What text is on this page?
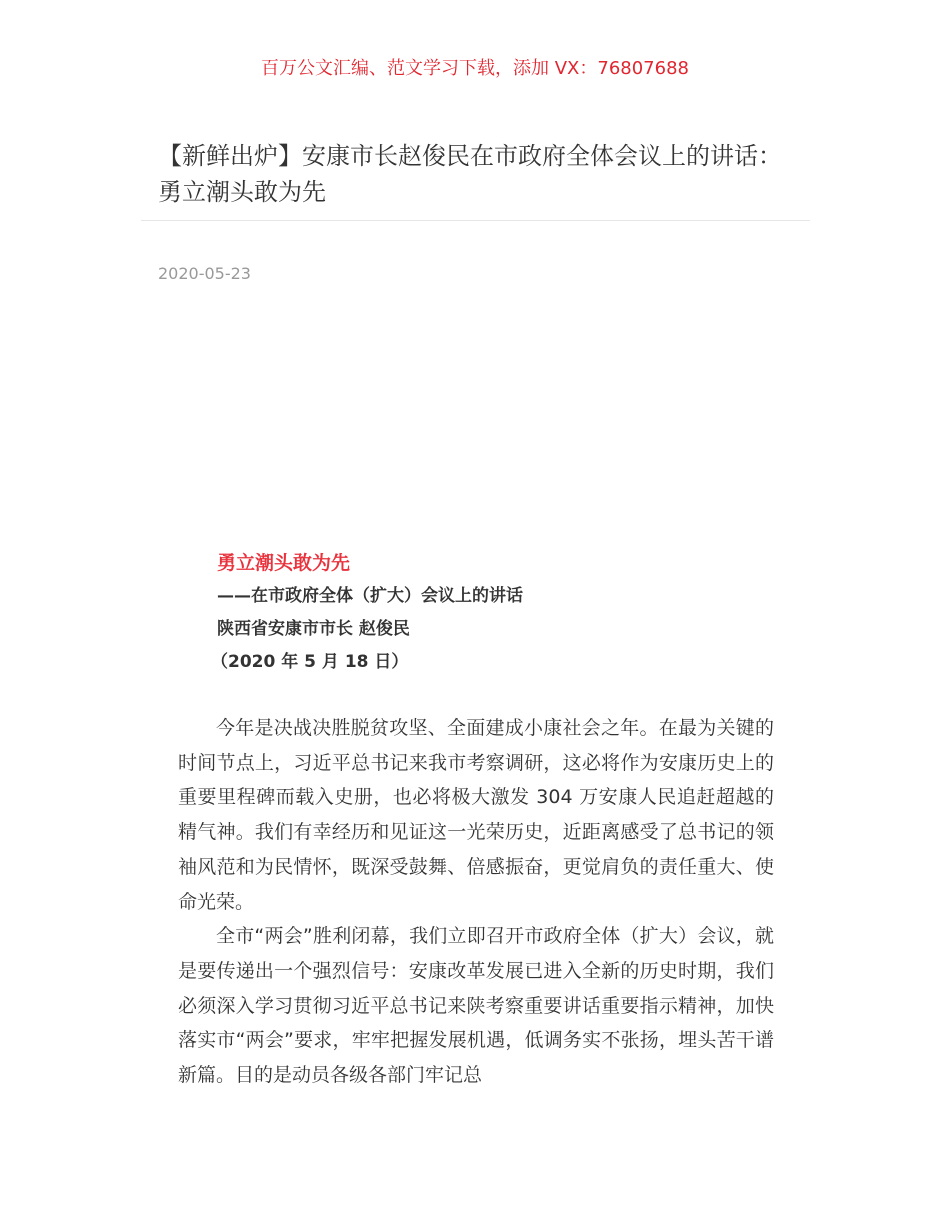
百万公文汇编、范文学习下载，添加 VX：76807688
【新鲜出炉】安康市长赵俊民在市政府全体会议上的讲话：勇立潮头敢为先
2020-05-23
勇立潮头敢为先
——在市政府全体（扩大）会议上的讲话
陕西省安康市市长 赵俊民
（2020 年 5 月 18 日）

今年是决战决胜脱贫攻坚、全面建成小康社会之年。在最为关键的时间节点上，习近平总书记来我市考察调研，这必将作为安康历史上的重要里程碑而载入史册，也必将极大激发 304 万安康人民追赶超越的精气神。我们有幸经历和见证这一光荣历史，近距离感受了总书记的领袖风范和为民情怀，既深受鼓舞、倍感振奋，更觉肩负的责任重大、使命光荣。

全市“两会”胜利闭幕，我们立即召开市政府全体（扩大）会议，就是要传递出一个强烈信号：安康改革发展已进入全新的历史时期，我们必须深入学习贯彻习近平总书记来陕考察重要讲话重要指示精神，加快落实市“两会”要求，牢牢把握发展机遇，低调务实不张扬，埋头苦干谱新篇。目的是动员各级各部门牢记总
